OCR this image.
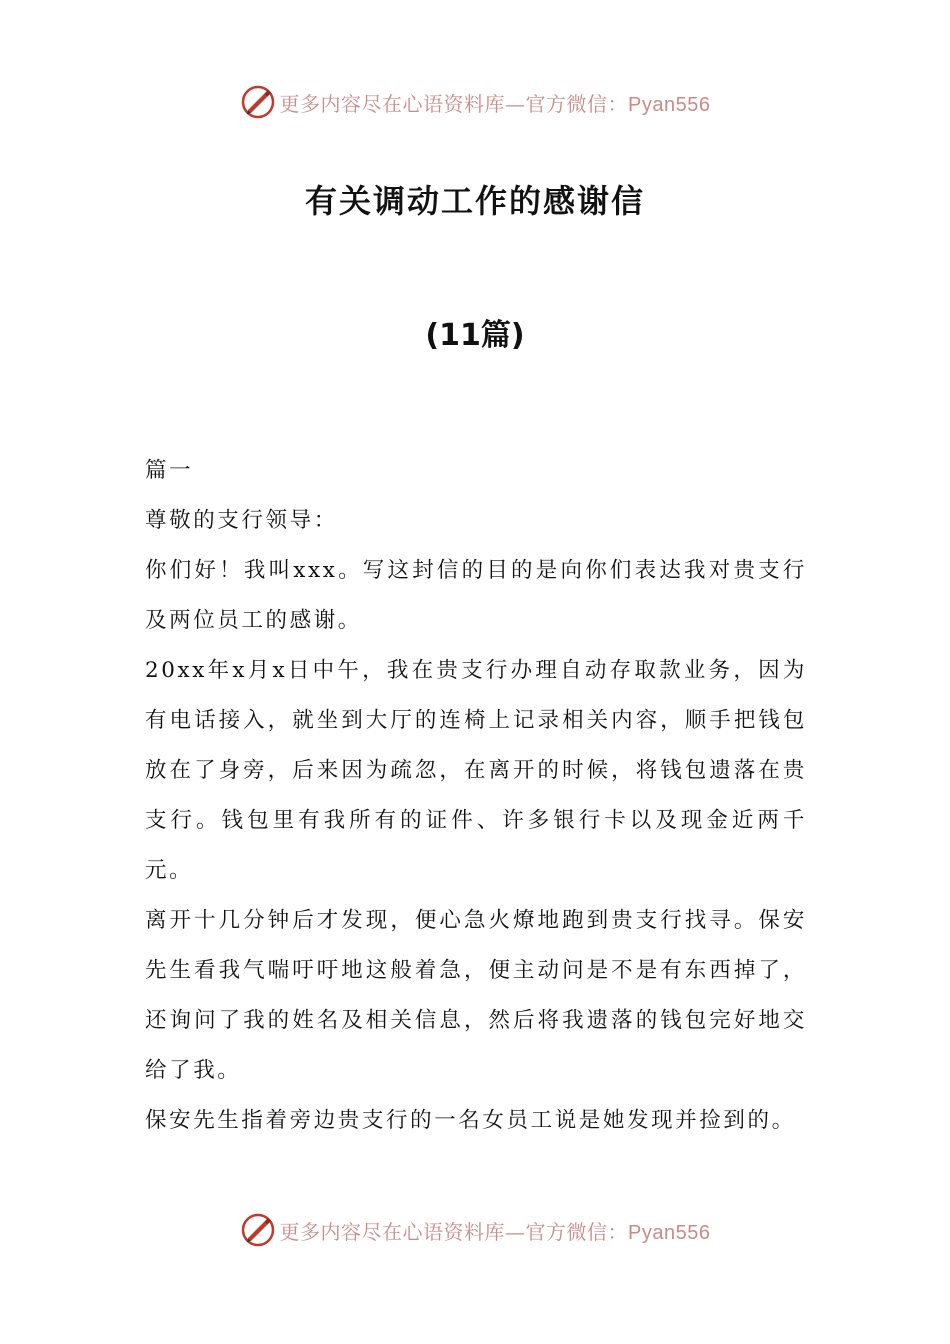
更多内容尽在心语资料库—官方微信：Pyan556
有关调动工作的感谢信
(11篇)

篇一

尊敬的支行领导：

你们好！我叫xxx。写这封信的目的是向你们表达我对贵支行及两位员工的感谢。

20xx年x月x日中午，我在贵支行办理自动存取款业务，因为有电话接入，就坐到大厅的连椅上记录相关内容，顺手把钱包放在了身旁，后来因为疏忽，在离开的时候，将钱包遗落在贵支行。钱包里有我所有的证件、许多银行卡以及现金近两千元。

离开十几分钟后才发现，便心急火燎地跑到贵支行找寻。保安先生看我气喘吁吁地这般着急，便主动问是不是有东西掉了，还询问了我的姓名及相关信息，然后将我遗落的钱包完好地交给了我。

保安先生指着旁边贵支行的一名女员工说是她发现并捡到的。

更多内容尽在心语资料库—官方微信：Pyan556
